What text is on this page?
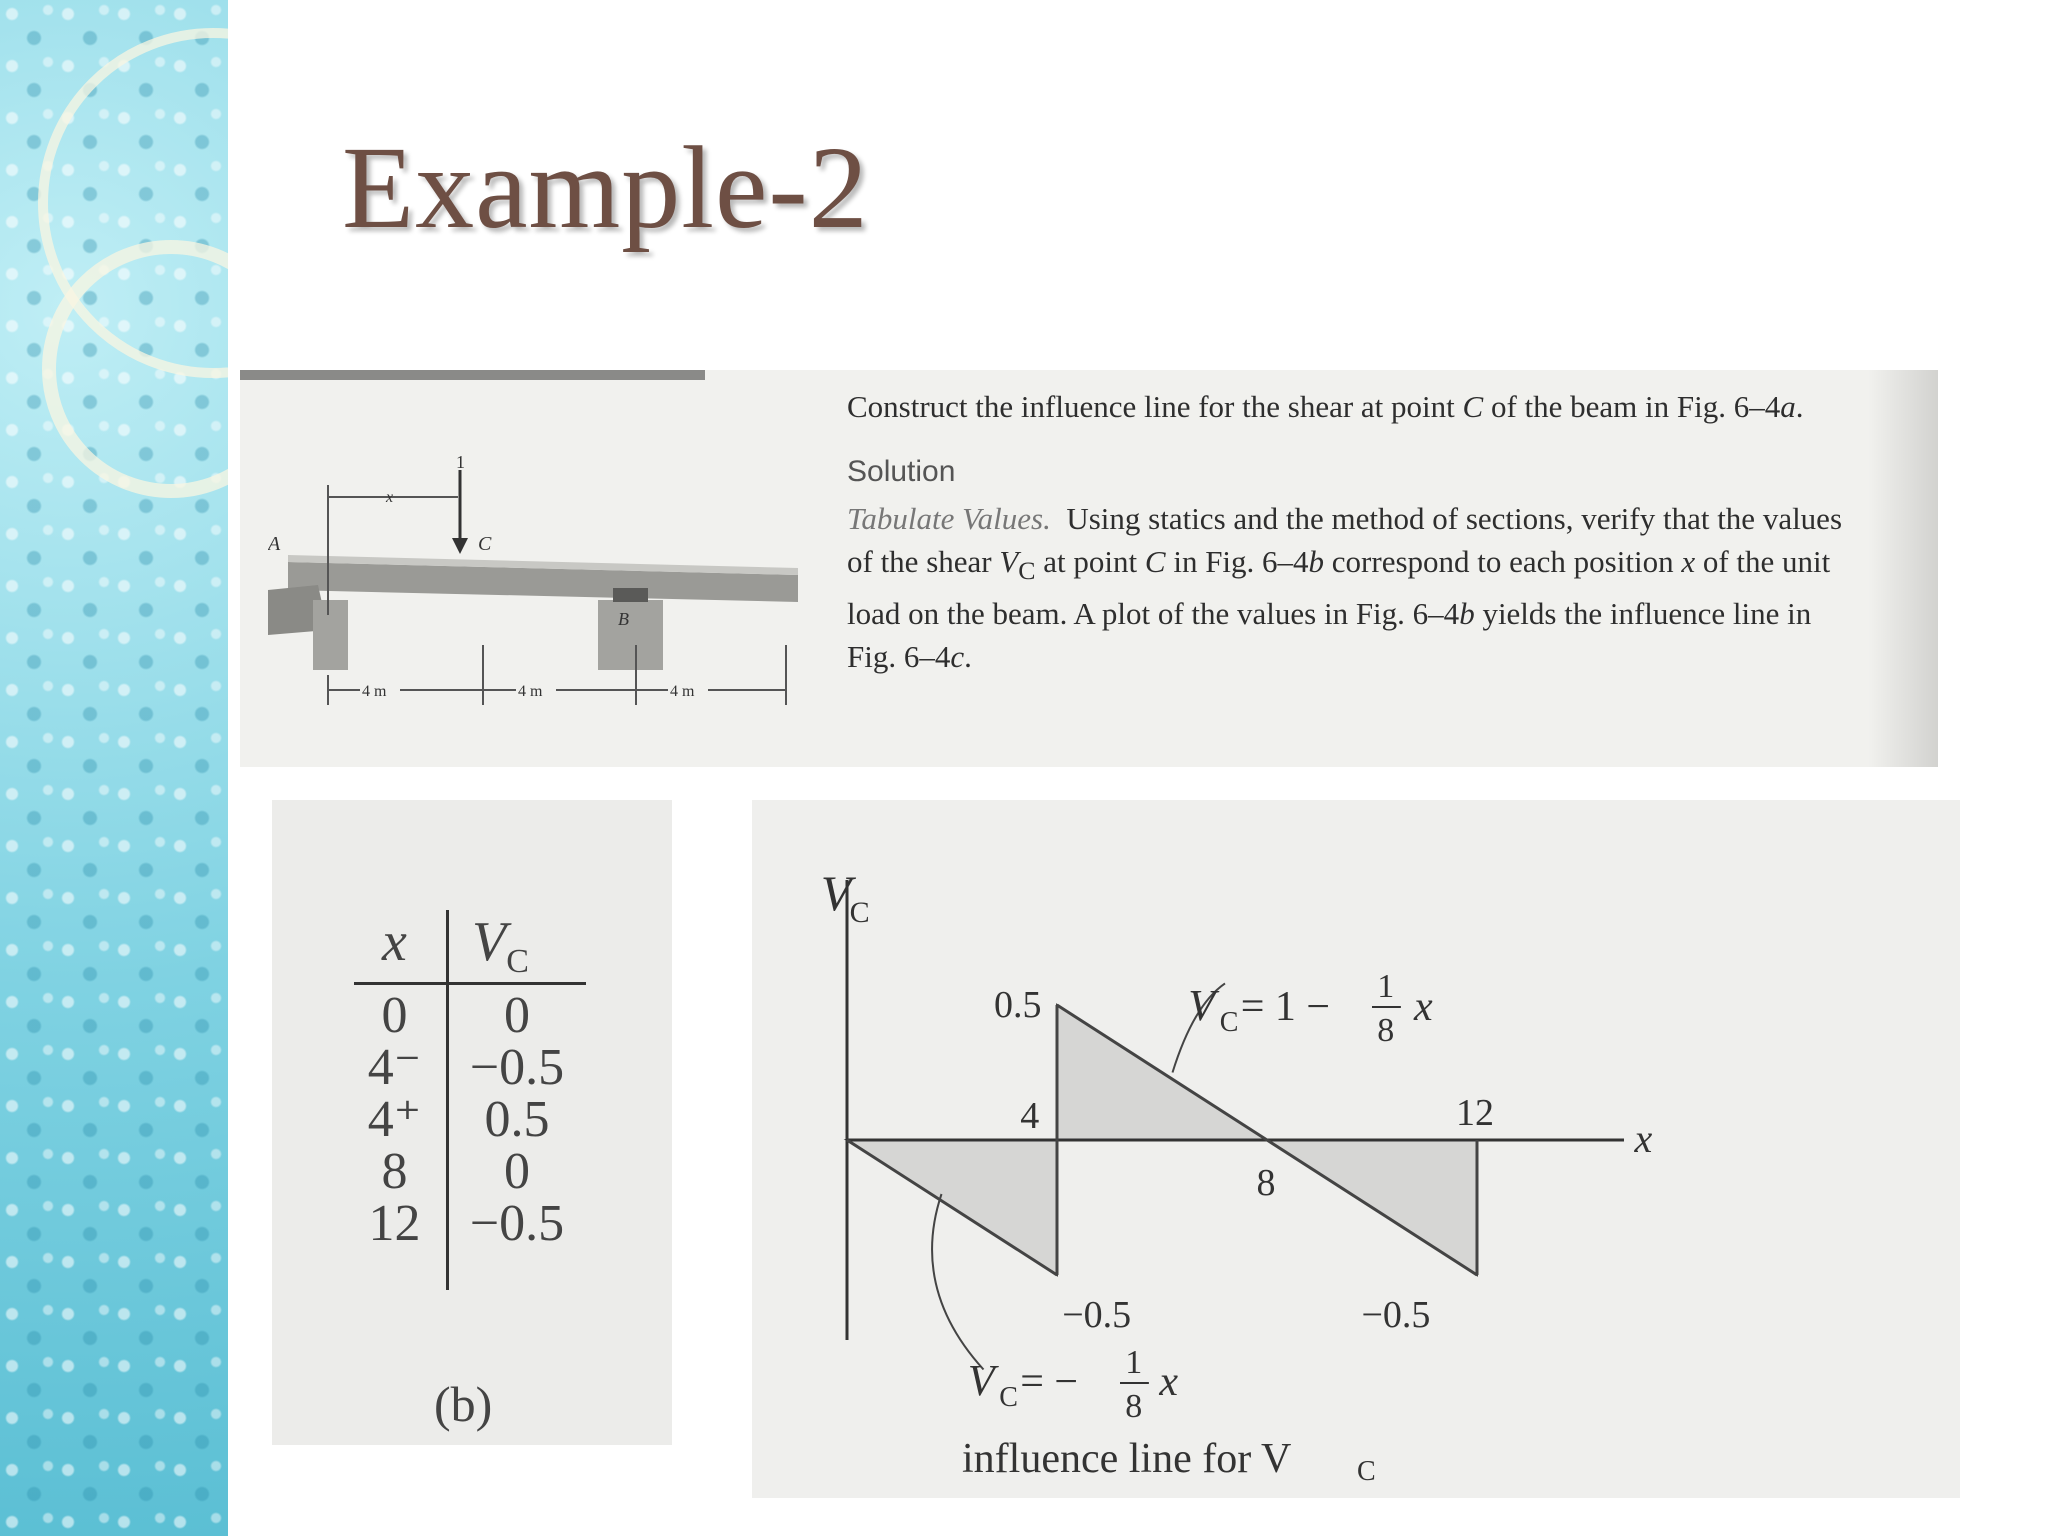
Example-2
1
C
A
B
x
4 m	4 m	4 m

Construct the influence line for the shear at point C of the beam in Fig. 6–4a.

Solution

Tabulate Values. Using statics and the method of sections, verify that the values of the shear $V_C$ at point C in Fig. 6–4b correspond to each position x of the unit load on the beam. A plot of the values in Fig. 6–4b yields the influence line in Fig. 6–4c.

x $V_C$
0	0
4⁻ −0.5
4⁺	0.5
8	0
12 −0.5
(b)
V
C
x
4
8
12
0.5
−0.5	−0.5
V C = 1 − 1
8
x
V C = − 1
8
x
influence line for V C
